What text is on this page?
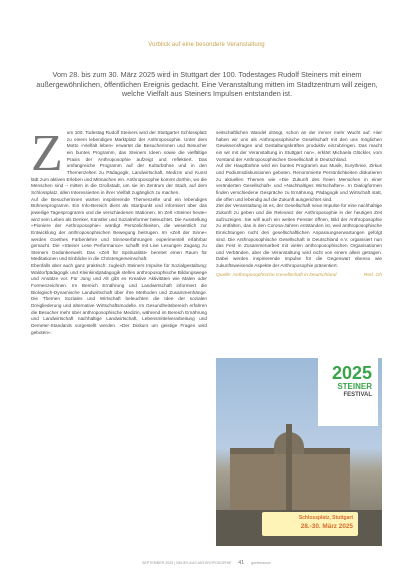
Vorblick auf eine besondere Veranstaltung
Vom 28. bis zum 30. März 2025 wird in Stuttgart der 100. Todestages Rudolf Steiners mit einem außergewöhnlichen, öffentlichen Ereignis gedacht. Eine Veranstaltung mitten im Stadtzentrum will zeigen, welche Vielfalt aus Steiners Impulsen entstanden ist.
Z um 100. Todestag Rudolf Steiners wird der Stuttgarter Schlossplatz zu einem lebendigen Marktplatz der Anthroposophie. Unter dem Motto »Vielfalt leben« erwartet die Besucherinnen und Besucher ein buntes Programm, das Steiners Ideen sowie die vielfältige Praxis der Anthroposophie aufzeigt und reflektiert. Das umfangreiche Programm auf der Kulturbühne und in den Themenzelten zu Pädagogik, Landwirtschaft, Medizin und Kunst lädt zum aktiven Erleben und Mitmachen ein. Anthroposophie kommt dorthin, wo die Menschen sind – mitten in die Großstadt, um sie im Zentrum der Stadt, auf dem Schlossplatz, allen Interessierten in ihrer Vielfalt zugänglich zu machen.

Auf die Besucherinnen warten inspirierende Themenzelte und ein lebendiges Bühnenprogramm. Ein Info-Bereich dient als Startpunkt und informiert über das jeweilige Tagesprogramm und die verschiedenen Stationen. Im Zelt »Steiner heute« wird sein Leben als Denker, Künstler und Sozialreformer beleuchtet. Die Ausstellung »Pioniere der Anthroposophie« würdigt Persönlichkeiten, die wesentlich zur Entwicklung der anthroposophischen Bewegung beitrugen. Im »Zelt der Sinne« werden Goethes Farbenlehre und Sinneserfahrungen experimentell erfahrbar gemacht. Die »Steiner Lese Performance« schafft mit Live Lesungen Zugang zu Steiners Gedankenwelt. Das »Zelt für Spiritualität« bereitet einen Raum für Meditationen und Einblicke in die Christengemeinschaft.

Ebenfalls aber auch ganz praktisch: zugleich Steiners Impulse für Sozialgestaltung: Waldorfpädagogik und Kleinkindpädagogik stellen anthroposophische Bildungswege und Ansätze vor. Für Jung und Alt gibt es Kreative Aktivitäten wie Malen oder Formenzeichnen. Im Bereich Ernährung und Landwirtschaft informiert die Biologisch-Dynamische Landwirtschaft über ihre Methoden und Zusammenhänge. Die Themen Soziales und Wirtschaft beleuchten die Idee der sozialen Dreigliederung und alternative Wirtschaftsmodelle. Im Gesundheitsbereich erfahren die Besucher mehr über anthroposophische Medizin, während im Bereich Ernährung und Landwirtschaft nachhaltige Landwirtschaft, Lebensmittelverarbeitung und Demeter-Standards vorgestellt werden. »Der Diskurs um geistige Fragen wird geboten«.

seitschaftlichen Wandel drängt, schon an der immer mehr Wucht auf. Hier haben wir uns als Anthroposophische Gesellschaft mit den uns möglichen Gewissensfragen und Gestaltungskräften produktiv einzubringen. Das macht ein wir mit der Veranstaltung in Stuttgart nun«, erklärt Michaela Glöckler, vom Vorstand der Anthroposophischen Gesellschaft in Deutschland.

Auf der Hauptbühne wird ein buntes Programm aus Musik, Eurythmie, Zirkus und Podiumsdiskussionen geboten. Renommierte Persönlichkeiten diskutieren zu aktuellen Themen wie »Die Zukunft des freien Menschen in einer veränderten Gesellschaft« und »Nachhaltiges Wirtschaften«. In Dialogformen finden verschiedene Gespräche zu Ernährung, Pädagogik und Wirtschaft statt, die offen und lebendig auf die Zukunft ausgerichtet sind.

Ziel der Veranstaltung ist es, der Gesellschaft neue Impulse für eine nachhaltige Zukunft zu geben und die Relevanz der Anthroposophie in der heutigen Zeit aufzuzeigen. Sie will auch ein weites Fenster öffnen, Bild der Anthroposophie zu entfalten, das in den Corona-Jahren entstanden ist, weil anthroposophische Einrichtungen nicht den gesellschaftlichen Anpassungserwartungen gefolgt sind. Die Anthroposophische Gesellschaft in Deutschland e.V. organisiert nun das Fest in Zusammenarbeit mit vielen anthroposophischen Organisationen und Verbänden, aber die Veranstaltung wird nicht von einem allein getragen. Dabei werden inspirierende Impulse für die Gegenwart ebenso wie zukunftsweisende Aspekte der Anthroposophie präsentiert.

Quelle: Anthroposophische Gesellschaft in Deutschland	Red. Gh
2025
STEINER
FESTIVAL
Schlossplatz, Stuttgart
28.-30. März 2025
SEPTEMBER 2025 | NEUES AUS ANTHROPOSOPHIE 41 goetheanum
